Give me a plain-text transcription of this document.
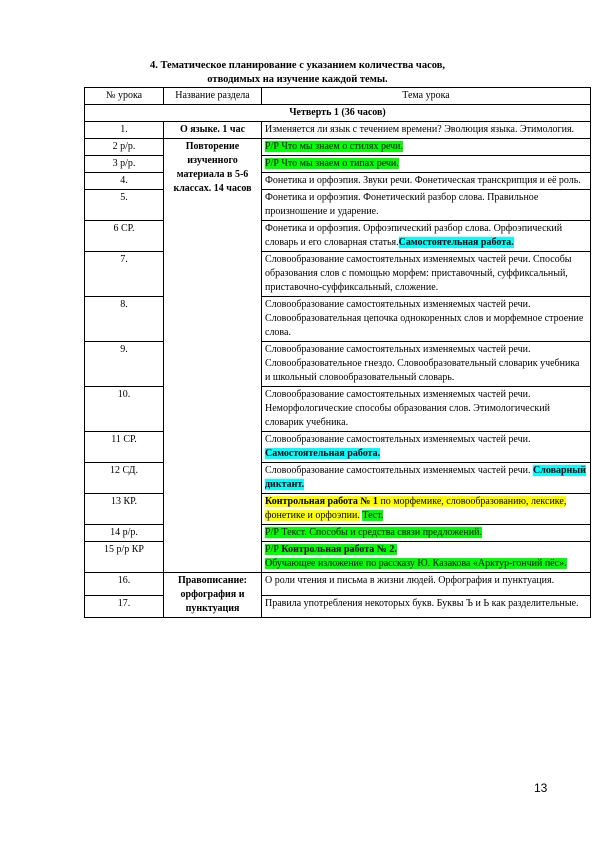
4. Тематическое планирование с указанием количества часов,
отводимых на изучение каждой темы.
№ урока	Название раздела	Тема урока
Четверть 1 (36 часов)		
1.	О языке. 1 час	Изменяется ли язык с течением времени? Эволюция языка. Этимология.
2 р/р.	Повторение изученного материала в 5-6 классах. 14 часов	Р/Р Что мы знаем о стилях речи.
3 р/р.		Р/Р Что мы знаем о типах речи.
4.		Фонетика и орфоэпия. Звуки речи. Фонетическая транскрипция и её роль.
5.		Фонетика и орфоэпия. Фонетический разбор слова. Правильное произношение и ударение.
6 СР.		Фонетика и орфоэпия. Орфоэпический разбор слова. Орфоэпический словарь и его словарная статья.Самостоятельная работа.
7.		Словообразование самостоятельных изменяемых частей речи. Способы образования слов с помощью морфем: приставочный, суффиксальный, приставочно-суффиксальный, сложение.
8.		Словообразование самостоятельных изменяемых частей речи. Словообразовательная цепочка однокоренных слов и морфемное строение слова.
9.		Словообразование самостоятельных изменяемых частей речи. Словообразовательное гнездо. Словообразовательный словарик учебника и школьный словообразовательный словарь.
10.		Словообразование самостоятельных изменяемых частей речи. Неморфологические способы образования слов. Этимологический словарик учебника.
11 СР.		Словообразование самостоятельных изменяемых частей речи. Самостоятельная работа.
12 СД.		Словообразование самостоятельных изменяемых частей речи. Словарный диктант.
13 КР.		Контрольная работа № 1 по морфемике, словообразованию, лексике, фонетике и орфоэпии. Тест.
14 р/р.		Р/Р Текст. Способы и средства связи предложений.
15 р/р КР		Р/Р Контрольная работа № 2.
Обучающее изложение по рассказу Ю. Казакова «Арктур-гончий пёс».
16.	Правописание: орфография и пунктуация	О роли чтения и письма в жизни людей. Орфография и пунктуация.
17.		Правила употребления некоторых букв. Буквы Ъ и Ь как разделительные.
13
